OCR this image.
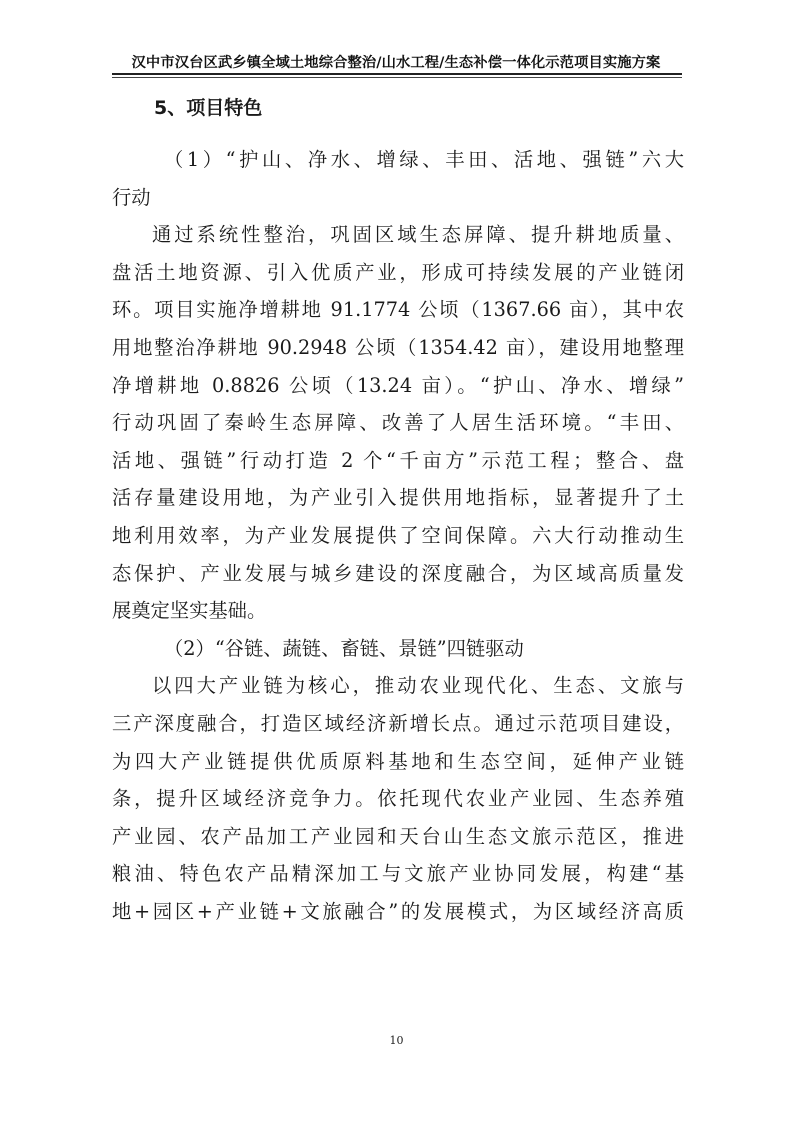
汉中市汉台区武乡镇全域土地综合整治/山水工程/生态补偿一体化示范项目实施方案
5、项目特色
（1）“护山、净水、增绿、丰田、活地、强链”六大
行动
通过系统性整治，巩固区域生态屏障、提升耕地质量、
盘活土地资源、引入优质产业，形成可持续发展的产业链闭
环。项目实施净增耕地 91.1774 公顷（1367.66 亩），其中农
用地整治净耕地 90.2948 公顷（1354.42 亩），建设用地整理
净增耕地 0.8826 公顷（13.24 亩）。“护山、净水、增绿”
行动巩固了秦岭生态屏障、改善了人居生活环境。“丰田、
活地、强链”行动打造 2 个“千亩方”示范工程；整合、盘
活存量建设用地，为产业引入提供用地指标，显著提升了土
地利用效率，为产业发展提供了空间保障。六大行动推动生
态保护、产业发展与城乡建设的深度融合，为区域高质量发
展奠定坚实基础。
（2）“谷链、蔬链、畜链、景链”四链驱动
以四大产业链为核心，推动农业现代化、生态、文旅与
三产深度融合，打造区域经济新增长点。通过示范项目建设，
为四大产业链提供优质原料基地和生态空间，延伸产业链
条，提升区域经济竞争力。依托现代农业产业园、生态养殖
产业园、农产品加工产业园和天台山生态文旅示范区，推进
粮油、特色农产品精深加工与文旅产业协同发展，构建“基
地+园区+产业链+文旅融合”的发展模式，为区域经济高质
10
